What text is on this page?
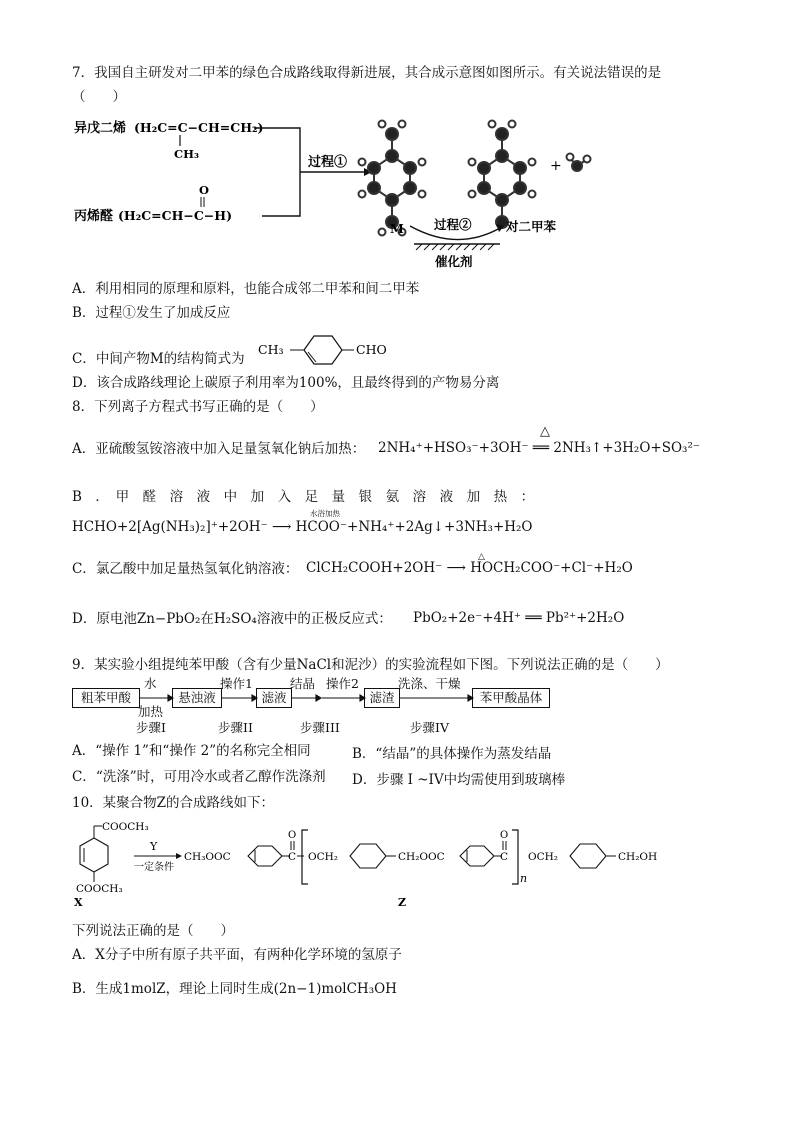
7．我国自主研发对二甲苯的绿色合成路线取得新进展，其合成示意图如图所示。有关说法错误的是
（　　）
异戊二烯 (H₂C=C−CH=CH₂)
CH₃
O
丙烯醛 (H₂C=CH−C−H)
过程①	+
M 过程②	对二甲苯
催化剂
A．利用相同的原理和原料，也能合成邻二甲苯和间二甲苯
B．过程①发生了加成反应
C．中间产物M的结构简式为
CH₃	CHO
D．该合成路线理论上碳原子利用率为100%，且最终得到的产物易分离
8．下列离子方程式书写正确的是（　　）
A．亚硫酸氢铵溶液中加入足量氢氧化钠后加热：
△
2NH₄⁺+HSO₃⁻+3OH⁻ ══ 2NH₃↑+3H₂O+SO₃²⁻
B　．　甲　醛　溶　液　中　加　入　足　量　银　氨　溶　液　加　热　：
水浴加热
HCHO+2[Ag(NH₃)₂]⁺+2OH⁻ ⟶ HCOO⁻+NH₄⁺+2Ag↓+3NH₃+H₂O
C．氯乙酸中加足量热氢氧化钠溶液：
△
ClCH₂COOH+2OH⁻ ⟶ HOCH₂COO⁻+Cl⁻+H₂O
D．原电池Zn−PbO₂在H₂SO₄溶液中的正极反应式： PbO₂+2e⁻+4H⁺ ══ Pb²⁺+2H₂O
9．某实验小组提纯苯甲酸（含有少量NaCl和泥沙）的实验流程如下图。下列说法正确的是（　　）
粗苯甲酸	悬浊液	滤液	滤渣	苯甲酸晶体
水
加热
操作1	结晶 操作2	洗涤、干燥
步骤I	步骤II	步骤III	步骤IV
A．“操作 1”和“操作 2”的名称完全相同	B．“结晶”的具体操作为蒸发结晶
C．“洗涤”时，可用冷水或者乙醇作洗涤剂 D．步骤 I ~IV中均需使用到玻璃棒
10．某聚合物Z的合成路线如下：
COOCH₃
COOCH₃
X
Y
一定条件
CH₃OOC
O
C OCH₂	CH₂OOC
O
C
n
OCH₂	CH₂OH
Z
下列说法正确的是（　　）
A．X分子中所有原子共平面，有两种化学环境的氢原子
B．生成1molZ，理论上同时生成(2n−1)molCH₃OH
